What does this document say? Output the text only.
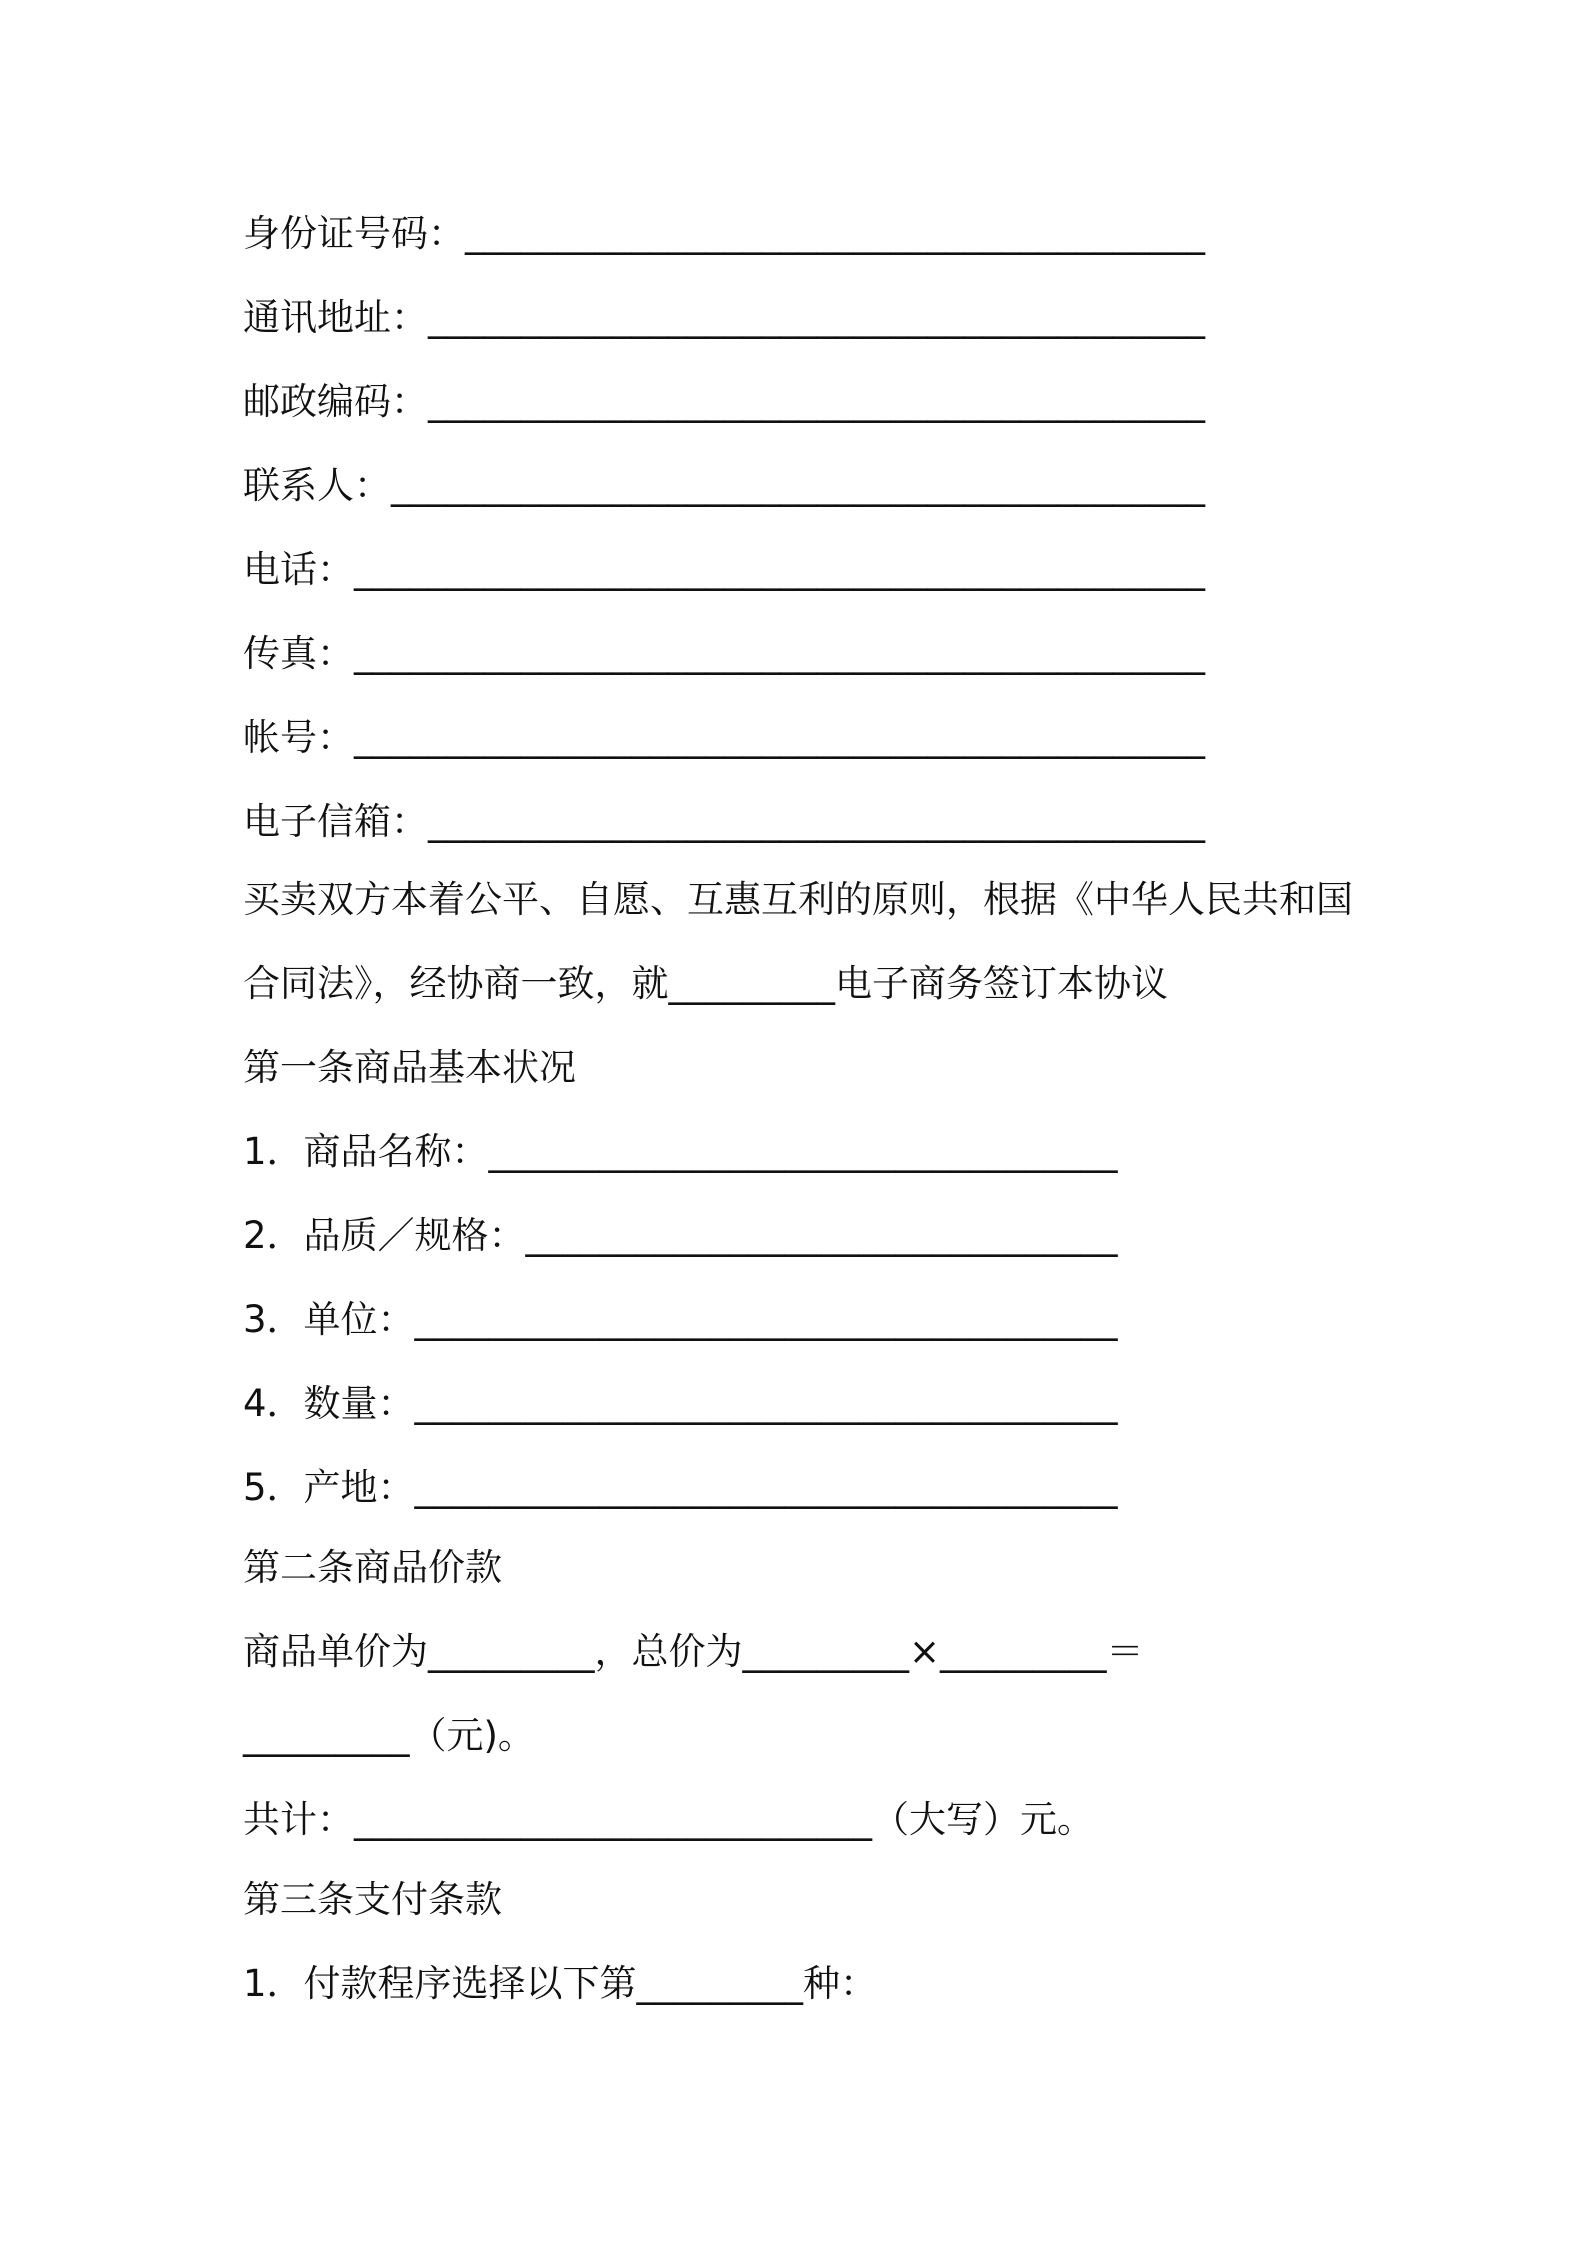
身份证号码：________________________________________
通讯地址：__________________________________________
邮政编码：__________________________________________
联系人：____________________________________________
电话：______________________________________________
传真：______________________________________________
帐号：______________________________________________
电子信箱：__________________________________________
买卖双方本着公平、自愿、互惠互利的原则，根据《中华人民共和国
合同法》，经协商一致，就_________电子商务签订本协议
第一条商品基本状况
1．商品名称：__________________________________
2．品质／规格：________________________________
3．单位：______________________________________
4．数量：______________________________________
5．产地：______________________________________
第二条商品价款
商品单价为_________，总价为_________×_________＝
_________（元)。
共计：____________________________（大写）元。
第三条支付条款
1．付款程序选择以下第_________种：
